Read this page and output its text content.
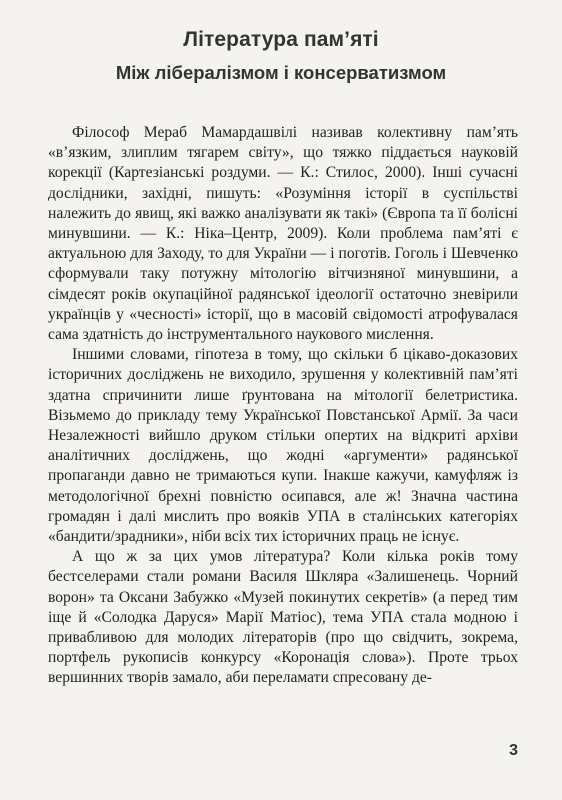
Література пам’яті
Між лібералізмом і консерватизмом

Філософ Мераб Мамардашвілі називав колективну пам’ять «в’язким, злиплим тягарем світу», що тяжко піддається науковій корекції (Картезіанські роздуми. — К.: Стилос, 2000). Інші сучасні дослідники, західні, пишуть: «Розуміння історії в суспільстві належить до явищ, які важко аналізувати як такі» (Європа та її болісні минувшини. — К.: Ніка–Центр, 2009). Коли проблема пам’яті є актуальною для Заходу, то для України — і поготів. Гоголь і Шевченко сформували таку потужну мітологію вітчизняної минувшини, а сімдесят років окупаційної радянської ідеології остаточно зневірили українців у «чесності» історії, що в масовій свідомості атрофувалася сама здатність до інструментального наукового мислення.

Іншими словами, гіпотеза в тому, що скільки б цікаво-доказових історичних досліджень не виходило, зрушення у колективній пам’яті здатна спричинити лише ґрунтована на мітології белетристика. Візьмемо до прикладу тему Української Повстанської Армії. За часи Незалежності вийшло друком стільки опертих на відкриті архіви аналітичних досліджень, що жодні «аргументи» радянської пропаганди давно не тримаються купи. Інакше кажучи, камуфляж із методологічної брехні повністю осипався, але ж! Значна частина громадян і далі мислить про вояків УПА в сталінських категоріях «бандити/зрадники», ніби всіх тих історичних праць не існує.

А що ж за цих умов література? Коли кілька років тому бестселерами стали романи Василя Шкляра «Залишенець. Чорний ворон» та Оксани Забужко «Музей покинутих секретів» (а перед тим іще й «Солодка Даруся» Марії Матіос), тема УПА стала модною і привабливою для молодих літераторів (про що свідчить, зокрема, портфель рукописів конкурсу «Коронація слова»). Проте трьох вершинних творів замало, аби переламати спресовану де-

3
